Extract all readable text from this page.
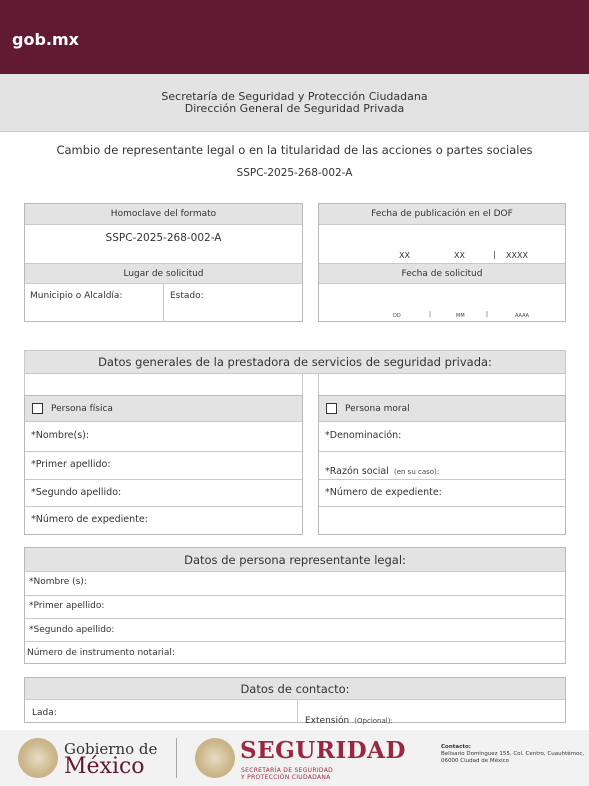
gob.mx
Secretaría de Seguridad y Protección Ciudadana
Dirección General de Seguridad Privada
Cambio de representante legal o en la titularidad de las acciones o partes sociales
SSPC-2025-268-002-A
Homoclave del formato
SSPC-2025-268-002-A
Lugar de solicitud
Municipio o Alcaldía:	Estado:
Fecha de publicación en el DOF
XX	XX	| XXXX
Fecha de solicitud
DD	|	MM	|	AAAA
Datos generales de la prestadora de servicios de seguridad privada:
Persona física
*Nombre(s):
*Primer apellido:
*Segundo apellido:
*Número de expediente:
Persona moral
*Denominación:
*Razón social (en su caso):
*Número de expediente:
Datos de persona representante legal:
*Nombre (s):
*Primer apellido:
*Segundo apellido:
Número de instrumento notarial:
Datos de contacto:
Lada:
Extensión (Opcional):
Gobierno de
México
SEGURIDAD
SECRETARÍA DE SEGURIDAD
Y PROTECCIÓN CIUDADANA
Contacto:
Belisario Dominguez 155, Col. Centro, Cuauhtémoc,
06000 Ciudad de México
